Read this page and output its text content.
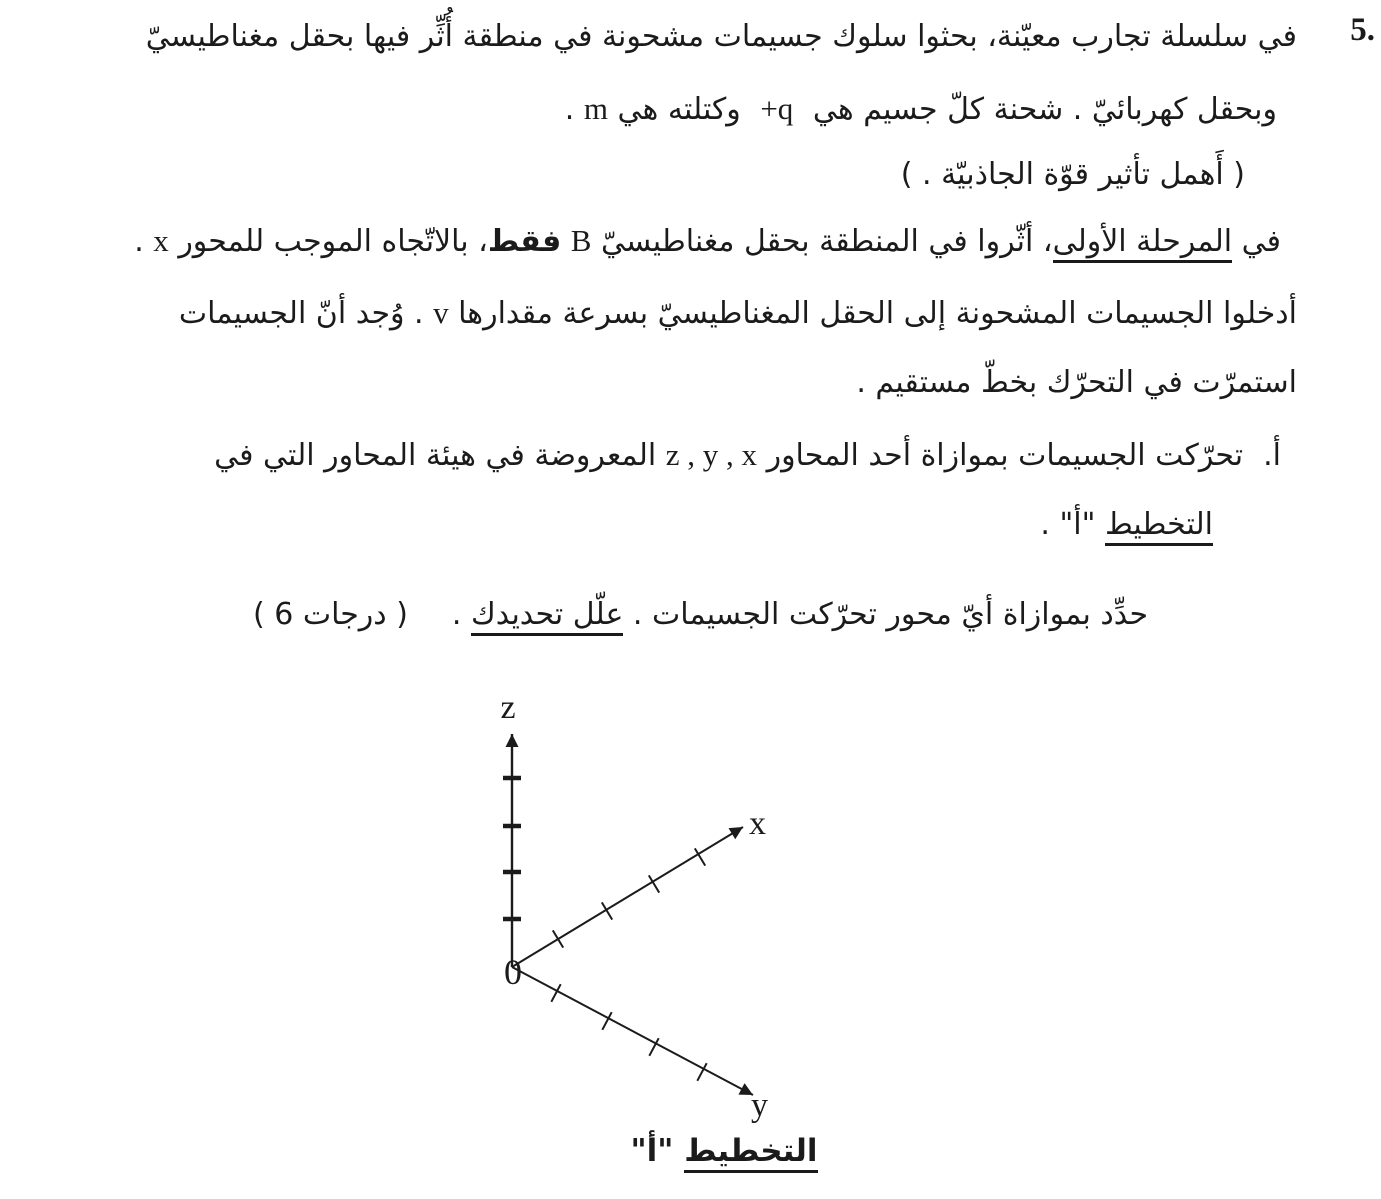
5.
في سلسلة تجارب معيّنة، بحثوا سلوك جسيمات مشحونة في منطقة أُثِّر فيها بحقل مغناطيسيّ
وبحقل كهربائيّ . شحنة كلّ جسيم هي +q وكتلته هي m .
( أَهمل تأثير قوّة الجاذبيّة . )
في المرحلة الأولى، أثّروا في المنطقة بحقل مغناطيسيّ B فقط، بالاتّجاه الموجب للمحور x .
أدخلوا الجسيمات المشحونة إلى الحقل المغناطيسيّ بسرعة مقدارها v . وُجد أنّ الجسيمات
استمرّت في التحرّك بخطّ مستقيم .
أ.تحرّكت الجسيمات بموازاة أحد المحاور z , y , x المعروضة في هيئة المحاور التي في
التخطيط "أ" .
حدِّد بموازاة أيّ محور تحرّكت الجسيمات . علّل تحديدك .( 6 درجات )
z
x
y
0
التخطيط "أ"
